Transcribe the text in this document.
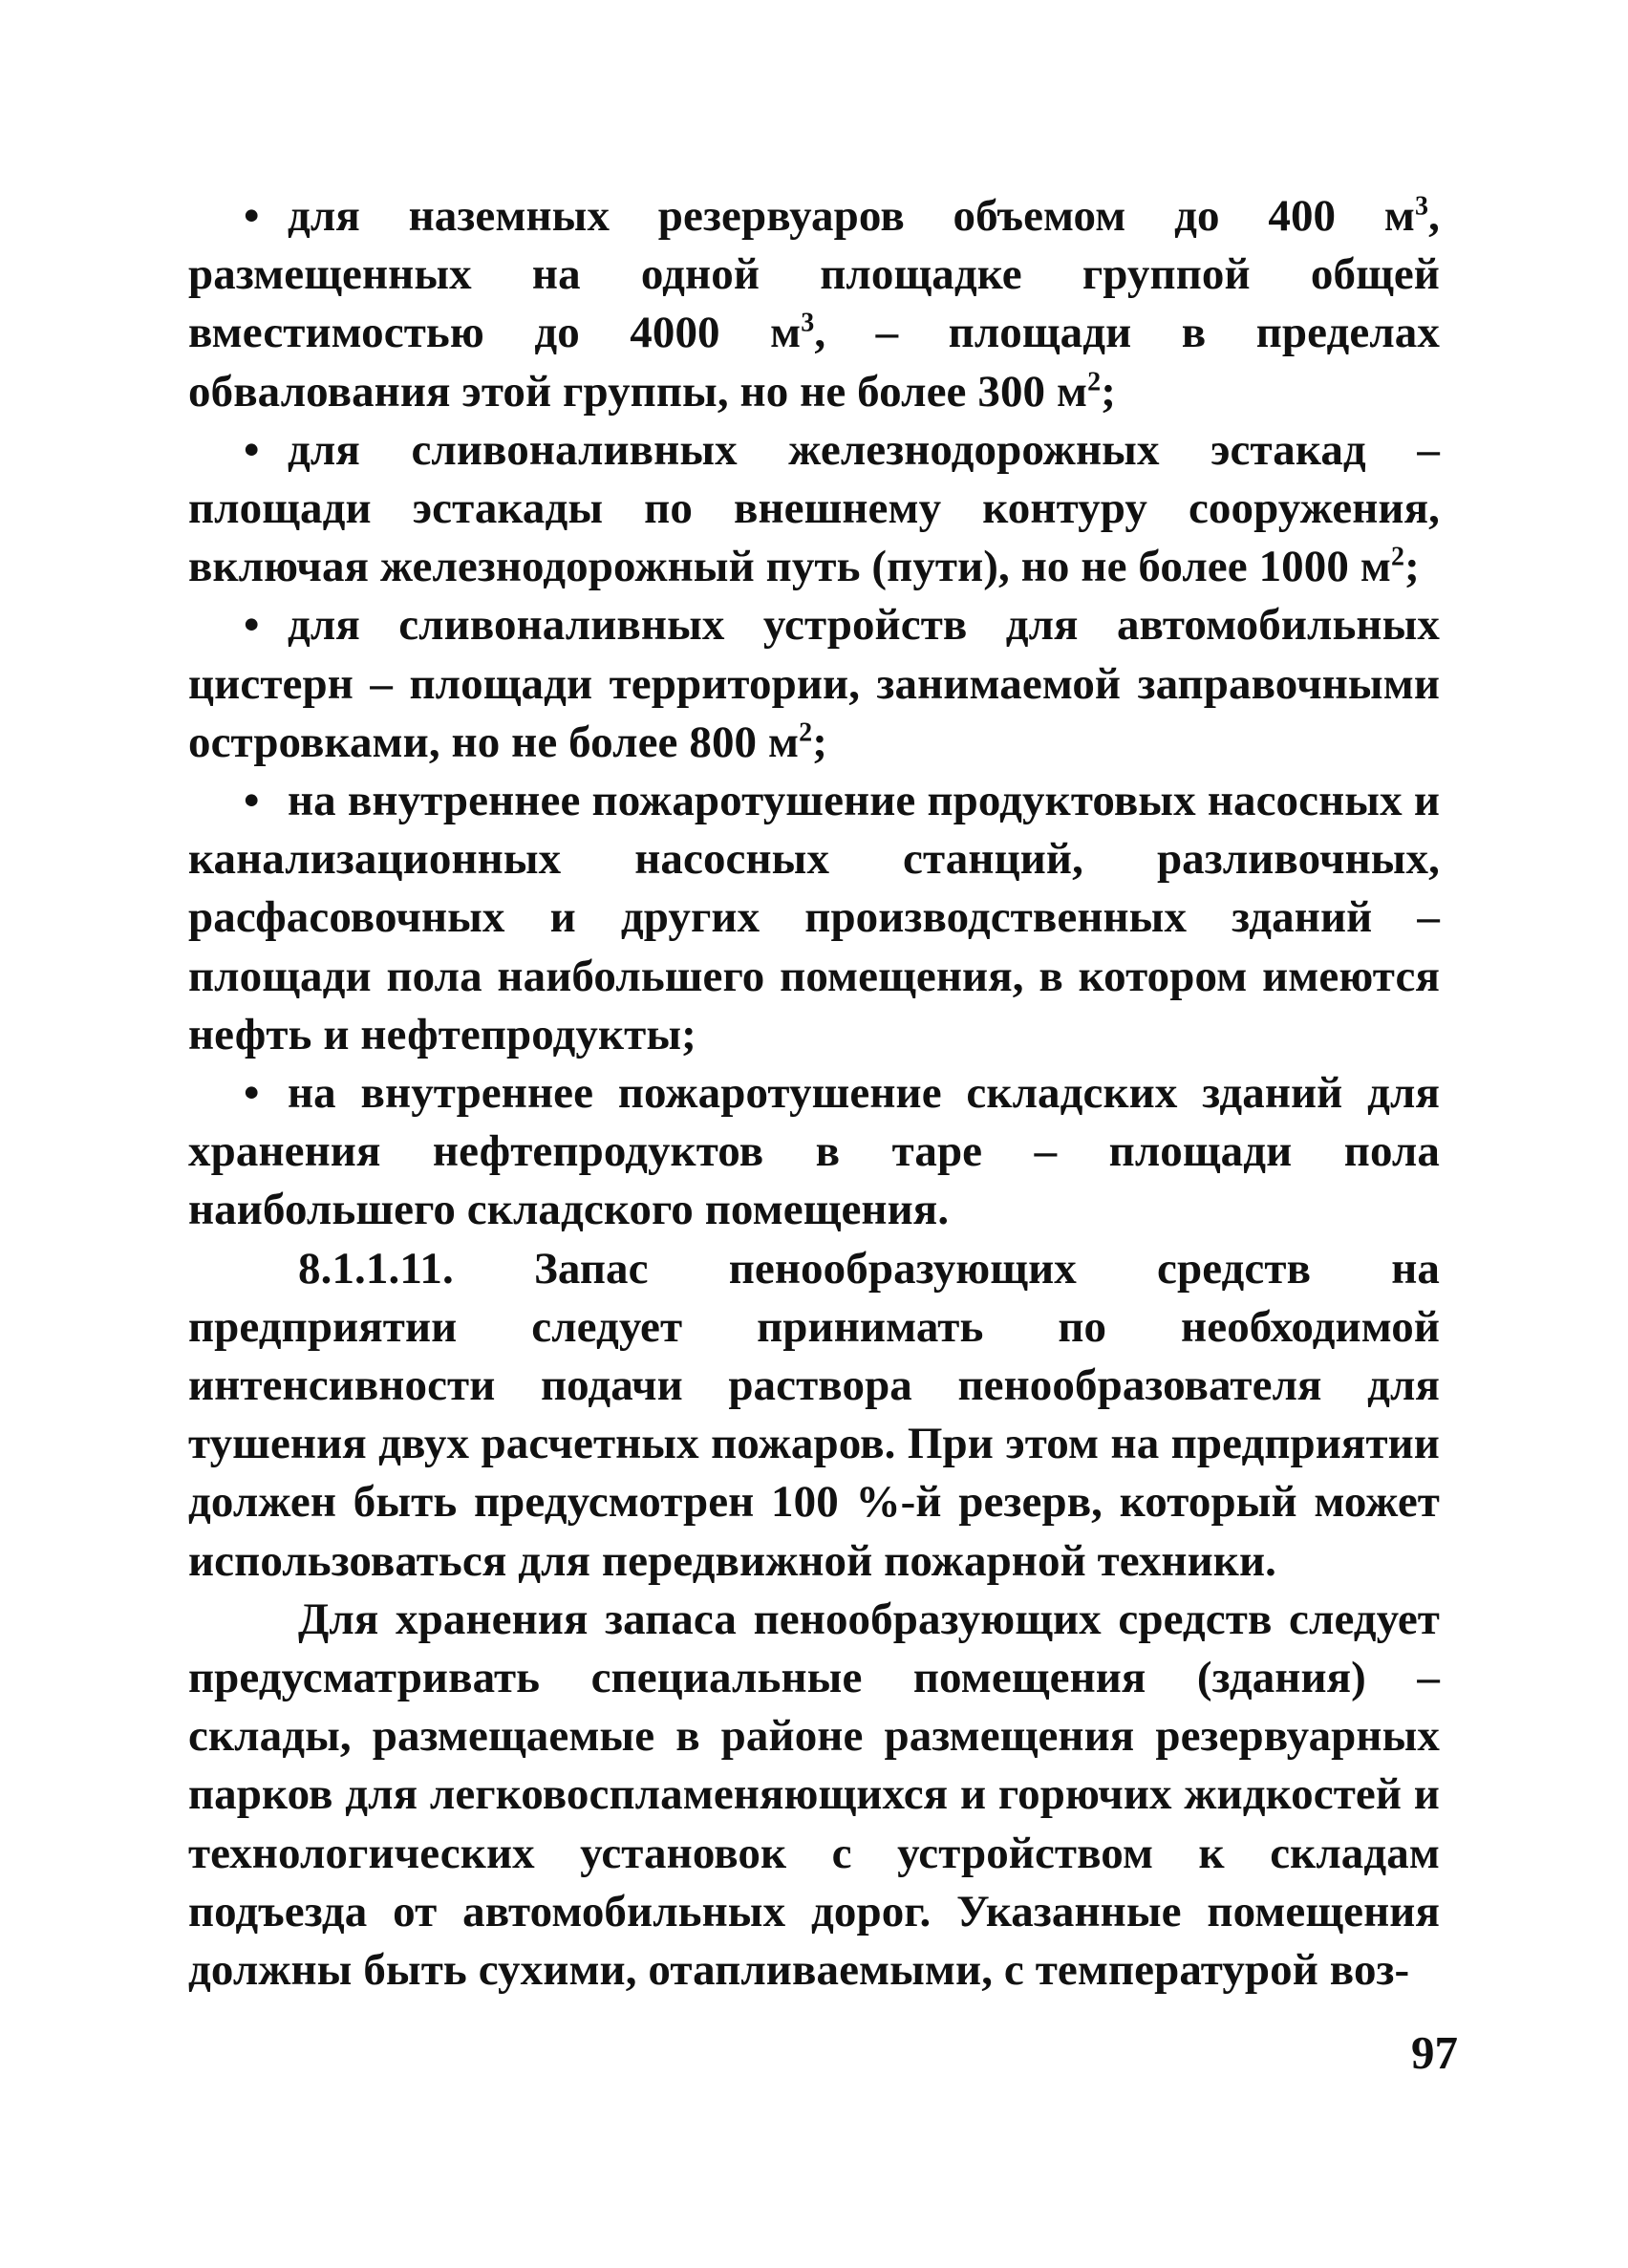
• для наземных резервуаров объемом до 400 $м^3$, размещенных на одной площадке группой общей вместимостью до 4000 $м^3$, – площади в пределах обвалования этой группы, но не более 300 $м^2$;

• для сливоналивных железнодорожных эстакад – площади эстакады по внешнему контуру сооружения, включая железнодорожный путь (пути), но не более 1000 $м^2$;

• для сливоналивных устройств для автомобильных цистерн – площади территории, занимаемой заправочными островками, но не более 800 $м^2$;

• на внутреннее пожаротушение продуктовых насосных и канализационных насосных станций, разливочных, расфасовочных и других производственных зданий – площади пола наибольшего помещения, в котором имеются нефть и нефтепродукты;

• на внутреннее пожаротушение складских зданий для хранения нефтепродуктов в таре – площади пола наибольшего складского помещения.

8.1.1.11. Запас пенообразующих средств на предприятии следует принимать по необходимой интенсивности подачи раствора пенообразователя для тушения двух расчетных пожаров. При этом на предприятии должен быть предусмотрен 100 %-й резерв, который может использоваться для передвижной пожарной техники.

Для хранения запаса пенообразующих средств следует предусматривать специальные помещения (здания) – склады, размещаемые в районе размещения резервуарных парков для легковоспламеняющихся и горючих жидкостей и технологических установок с устройством к складам подъезда от автомобильных дорог. Указанные помещения должны быть сухими, отапливаемыми, с температурой воз-

97
